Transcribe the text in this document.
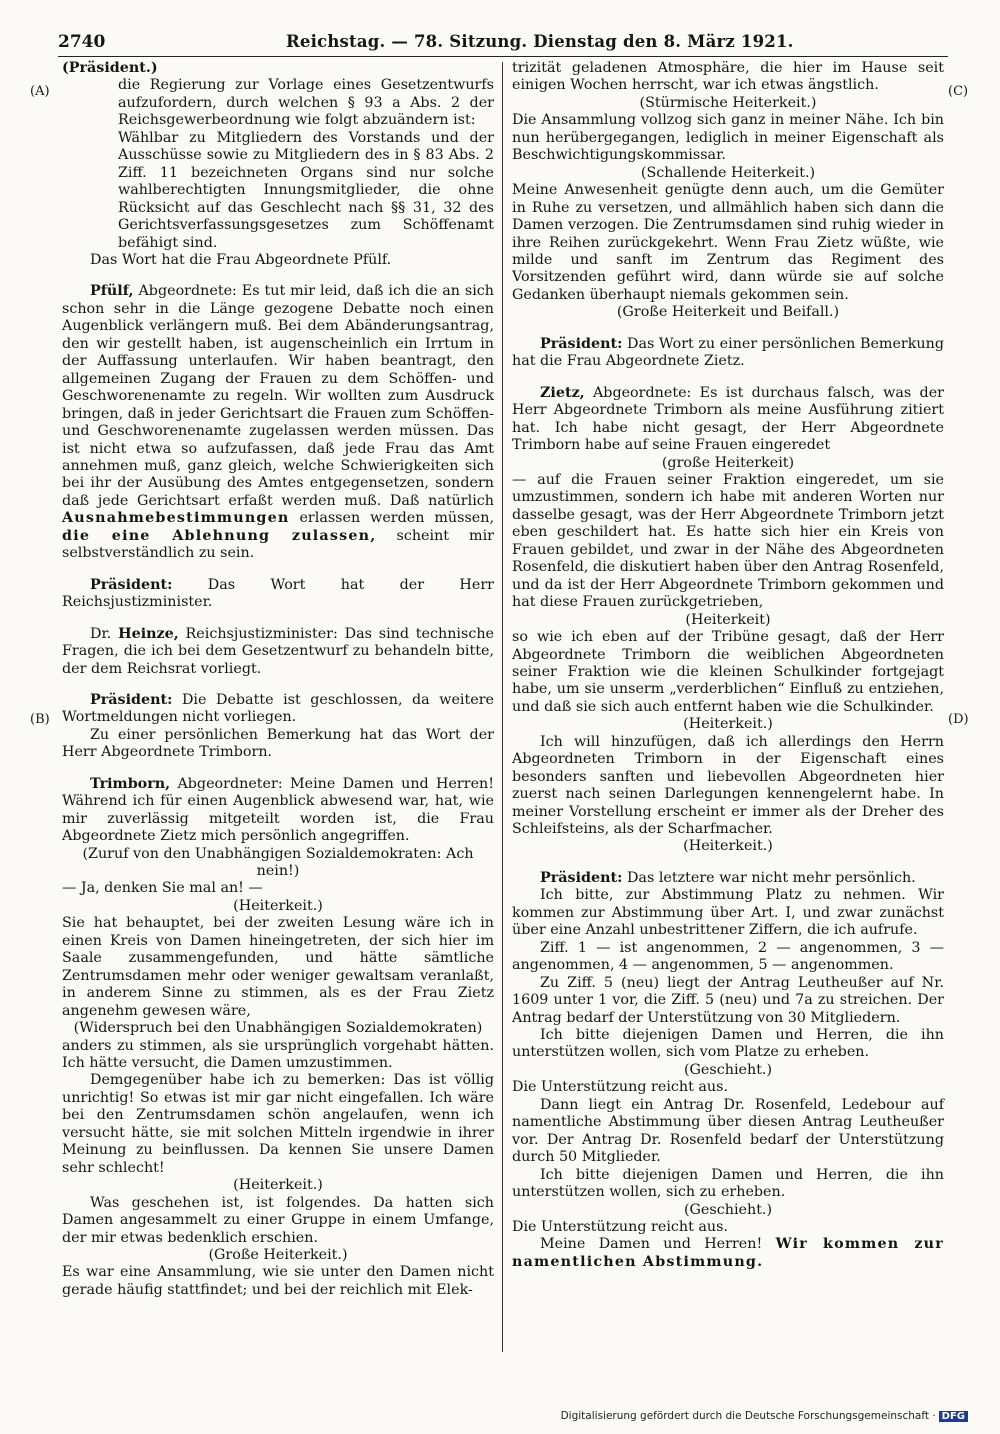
2740	Reichstag. — 78. Sitzung. Dienstag den 8. März 1921.
(A)
(B)
(C)
(D)

(Präsident.)

die Regierung zur Vorlage eines Gesetzentwurfs aufzufordern, durch welchen § 93 a Abs. 2 der Reichsgewerbeordnung wie folgt abzuändern ist:

Wählbar zu Mitgliedern des Vorstands und der Ausschüsse sowie zu Mitgliedern des in § 83 Abs. 2 Ziff. 11 bezeichneten Organs sind nur solche wahlberechtigten Innungsmitglieder, die ohne Rücksicht auf das Geschlecht nach §§ 31, 32 des Gerichtsverfassungsgesetzes zum Schöffenamt befähigt sind.

Das Wort hat die Frau Abgeordnete Pfülf.

Pfülf, Abgeordnete: Es tut mir leid, daß ich die an sich schon sehr in die Länge gezogene Debatte noch einen Augenblick verlängern muß. Bei dem Abänderungsantrag, den wir gestellt haben, ist augenscheinlich ein Irrtum in der Auffassung unterlaufen. Wir haben beantragt, den allgemeinen Zugang der Frauen zu dem Schöffen- und Geschworenenamte zu regeln. Wir wollten zum Ausdruck bringen, daß in jeder Gerichtsart die Frauen zum Schöffen- und Geschworenenamte zugelassen werden müssen. Das ist nicht etwa so aufzufassen, daß jede Frau das Amt annehmen muß, ganz gleich, welche Schwierigkeiten sich bei ihr der Ausübung des Amtes entgegensetzen, sondern daß jede Gerichtsart erfaßt werden muß. Daß natürlich Ausnahmebestimmungen erlassen werden müssen, die eine Ablehnung zulassen, scheint mir selbstverständlich zu sein.

Präsident: Das Wort hat der Herr Reichsjustizminister.

Dr. Heinze, Reichsjustizminister: Das sind technische Fragen, die ich bei dem Gesetzentwurf zu behandeln bitte, der dem Reichsrat vorliegt.

Präsident: Die Debatte ist geschlossen, da weitere Wortmeldungen nicht vorliegen.

Zu einer persönlichen Bemerkung hat das Wort der Herr Abgeordnete Trimborn.

Trimborn, Abgeordneter: Meine Damen und Herren! Während ich für einen Augenblick abwesend war, hat, wie mir zuverlässig mitgeteilt worden ist, die Frau Abgeordnete Zietz mich persönlich angegriffen.

(Zuruf von den Unabhängigen Sozialdemokraten: Ach nein!)

— Ja, denken Sie mal an! —

(Heiterkeit.)

Sie hat behauptet, bei der zweiten Lesung wäre ich in einen Kreis von Damen hineingetreten, der sich hier im Saale zusammengefunden, und hätte sämtliche Zentrumsdamen mehr oder weniger gewaltsam veranlaßt, in anderem Sinne zu stimmen, als es der Frau Zietz angenehm gewesen wäre,

(Widerspruch bei den Unabhängigen Sozialdemokraten)

anders zu stimmen, als sie ursprünglich vorgehabt hätten. Ich hätte versucht, die Damen umzustimmen.

Demgegenüber habe ich zu bemerken: Das ist völlig unrichtig! So etwas ist mir gar nicht eingefallen. Ich wäre bei den Zentrumsdamen schön angelaufen, wenn ich versucht hätte, sie mit solchen Mitteln irgendwie in ihrer Meinung zu beinflussen. Da kennen Sie unsere Damen sehr schlecht!

(Heiterkeit.)

Was geschehen ist, ist folgendes. Da hatten sich Damen angesammelt zu einer Gruppe in einem Umfange, der mir etwas bedenklich erschien.

(Große Heiterkeit.)

Es war eine Ansammlung, wie sie unter den Damen nicht gerade häufig stattfindet; und bei der reichlich mit Elek-

trizität geladenen Atmosphäre, die hier im Hause seit einigen Wochen herrscht, war ich etwas ängstlich.

(Stürmische Heiterkeit.)

Die Ansammlung vollzog sich ganz in meiner Nähe. Ich bin nun herübergegangen, lediglich in meiner Eigenschaft als Beschwichtigungskommissar.

(Schallende Heiterkeit.)

Meine Anwesenheit genügte denn auch, um die Gemüter in Ruhe zu versetzen, und allmählich haben sich dann die Damen verzogen. Die Zentrumsdamen sind ruhig wieder in ihre Reihen zurückgekehrt. Wenn Frau Zietz wüßte, wie milde und sanft im Zentrum das Regiment des Vorsitzenden geführt wird, dann würde sie auf solche Gedanken überhaupt niemals gekommen sein.

(Große Heiterkeit und Beifall.)

Präsident: Das Wort zu einer persönlichen Bemerkung hat die Frau Abgeordnete Zietz.

Zietz, Abgeordnete: Es ist durchaus falsch, was der Herr Abgeordnete Trimborn als meine Ausführung zitiert hat. Ich habe nicht gesagt, der Herr Abgeordnete Trimborn habe auf seine Frauen eingeredet

(große Heiterkeit)

— auf die Frauen seiner Fraktion eingeredet, um sie umzustimmen, sondern ich habe mit anderen Worten nur dasselbe gesagt, was der Herr Abgeordnete Trimborn jetzt eben geschildert hat. Es hatte sich hier ein Kreis von Frauen gebildet, und zwar in der Nähe des Abgeordneten Rosenfeld, die diskutiert haben über den Antrag Rosenfeld, und da ist der Herr Abgeordnete Trimborn gekommen und hat diese Frauen zurückgetrieben,

(Heiterkeit)

so wie ich eben auf der Tribüne gesagt, daß der Herr Abgeordnete Trimborn die weiblichen Abgeordneten seiner Fraktion wie die kleinen Schulkinder fortgejagt habe, um sie unserm „verderblichen“ Einfluß zu entziehen, und daß sie sich auch entfernt haben wie die Schulkinder.

(Heiterkeit.)

Ich will hinzufügen, daß ich allerdings den Herrn Abgeordneten Trimborn in der Eigenschaft eines besonders sanften und liebevollen Abgeordneten hier zuerst nach seinen Darlegungen kennengelernt habe. In meiner Vorstellung erscheint er immer als der Dreher des Schleifsteins, als der Scharfmacher.

(Heiterkeit.)

Präsident: Das letztere war nicht mehr persönlich.

Ich bitte, zur Abstimmung Platz zu nehmen. Wir kommen zur Abstimmung über Art. I, und zwar zunächst über eine Anzahl unbestrittener Ziffern, die ich aufrufe.

Ziff. 1 — ist angenommen, 2 — angenommen, 3 — angenommen, 4 — angenommen, 5 — angenommen.

Zu Ziff. 5 (neu) liegt der Antrag Leutheußer auf Nr. 1609 unter 1 vor, die Ziff. 5 (neu) und 7a zu streichen. Der Antrag bedarf der Unterstützung von 30 Mitgliedern.

Ich bitte diejenigen Damen und Herren, die ihn unterstützen wollen, sich vom Platze zu erheben.

(Geschieht.)

Die Unterstützung reicht aus.

Dann liegt ein Antrag Dr. Rosenfeld, Ledebour auf namentliche Abstimmung über diesen Antrag Leutheußer vor. Der Antrag Dr. Rosenfeld bedarf der Unterstützung durch 50 Mitglieder.

Ich bitte diejenigen Damen und Herren, die ihn unterstützen wollen, sich zu erheben.

(Geschieht.)

Die Unterstützung reicht aus.

Meine Damen und Herren! Wir kommen zur namentlichen Abstimmung.

Digitalisierung gefördert durch die Deutsche Forschungsgemeinschaft · DFG
